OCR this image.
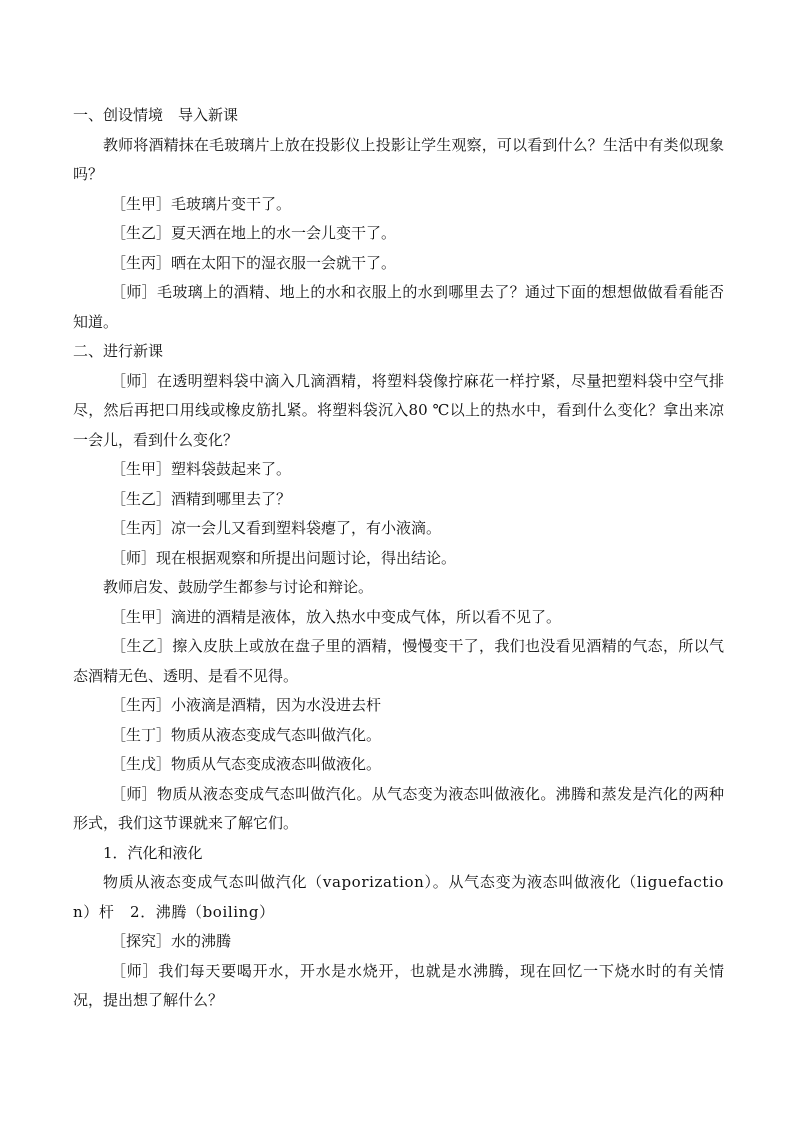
一、创设情境　导入新课

教师将酒精抹在毛玻璃片上放在投影仪上投影让学生观察，可以看到什么？生活中有类似现象吗？

［生甲］毛玻璃片变干了。

［生乙］夏天洒在地上的水一会儿变干了。

［生丙］晒在太阳下的湿衣服一会就干了。

［师］毛玻璃上的酒精、地上的水和衣服上的水到哪里去了？通过下面的想想做做看看能否知道。

二、进行新课

［师］在透明塑料袋中滴入几滴酒精，将塑料袋像拧麻花一样拧紧，尽量把塑料袋中空气排尽，然后再把口用线或橡皮筋扎紧。将塑料袋沉入80 ℃以上的热水中，看到什么变化？拿出来凉一会儿，看到什么变化？

［生甲］塑料袋鼓起来了。

［生乙］酒精到哪里去了？

［生丙］凉一会儿又看到塑料袋瘪了，有小液滴。

［师］现在根据观察和所提出问题讨论，得出结论。

教师启发、鼓励学生都参与讨论和辩论。

［生甲］滴进的酒精是液体，放入热水中变成气体，所以看不见了。

［生乙］擦入皮肤上或放在盘子里的酒精，慢慢变干了，我们也没看见酒精的气态，所以气态酒精无色、透明、是看不见得。

［生丙］小液滴是酒精，因为水没进去杆

［生丁］物质从液态变成气态叫做汽化。

［生戊］物质从气态变成液态叫做液化。

［师］物质从液态变成气态叫做汽化。从气态变为液态叫做液化。沸腾和蒸发是汽化的两种形式，我们这节课就来了解它们。

1．汽化和液化

物质从液态变成气态叫做汽化（vaporization）。从气态变为液态叫做液化（liguefaction）杆　2．沸腾（boiling）

［探究］水的沸腾

［师］我们每天要喝开水，开水是水烧开，也就是水沸腾，现在回忆一下烧水时的有关情况，提出想了解什么？
